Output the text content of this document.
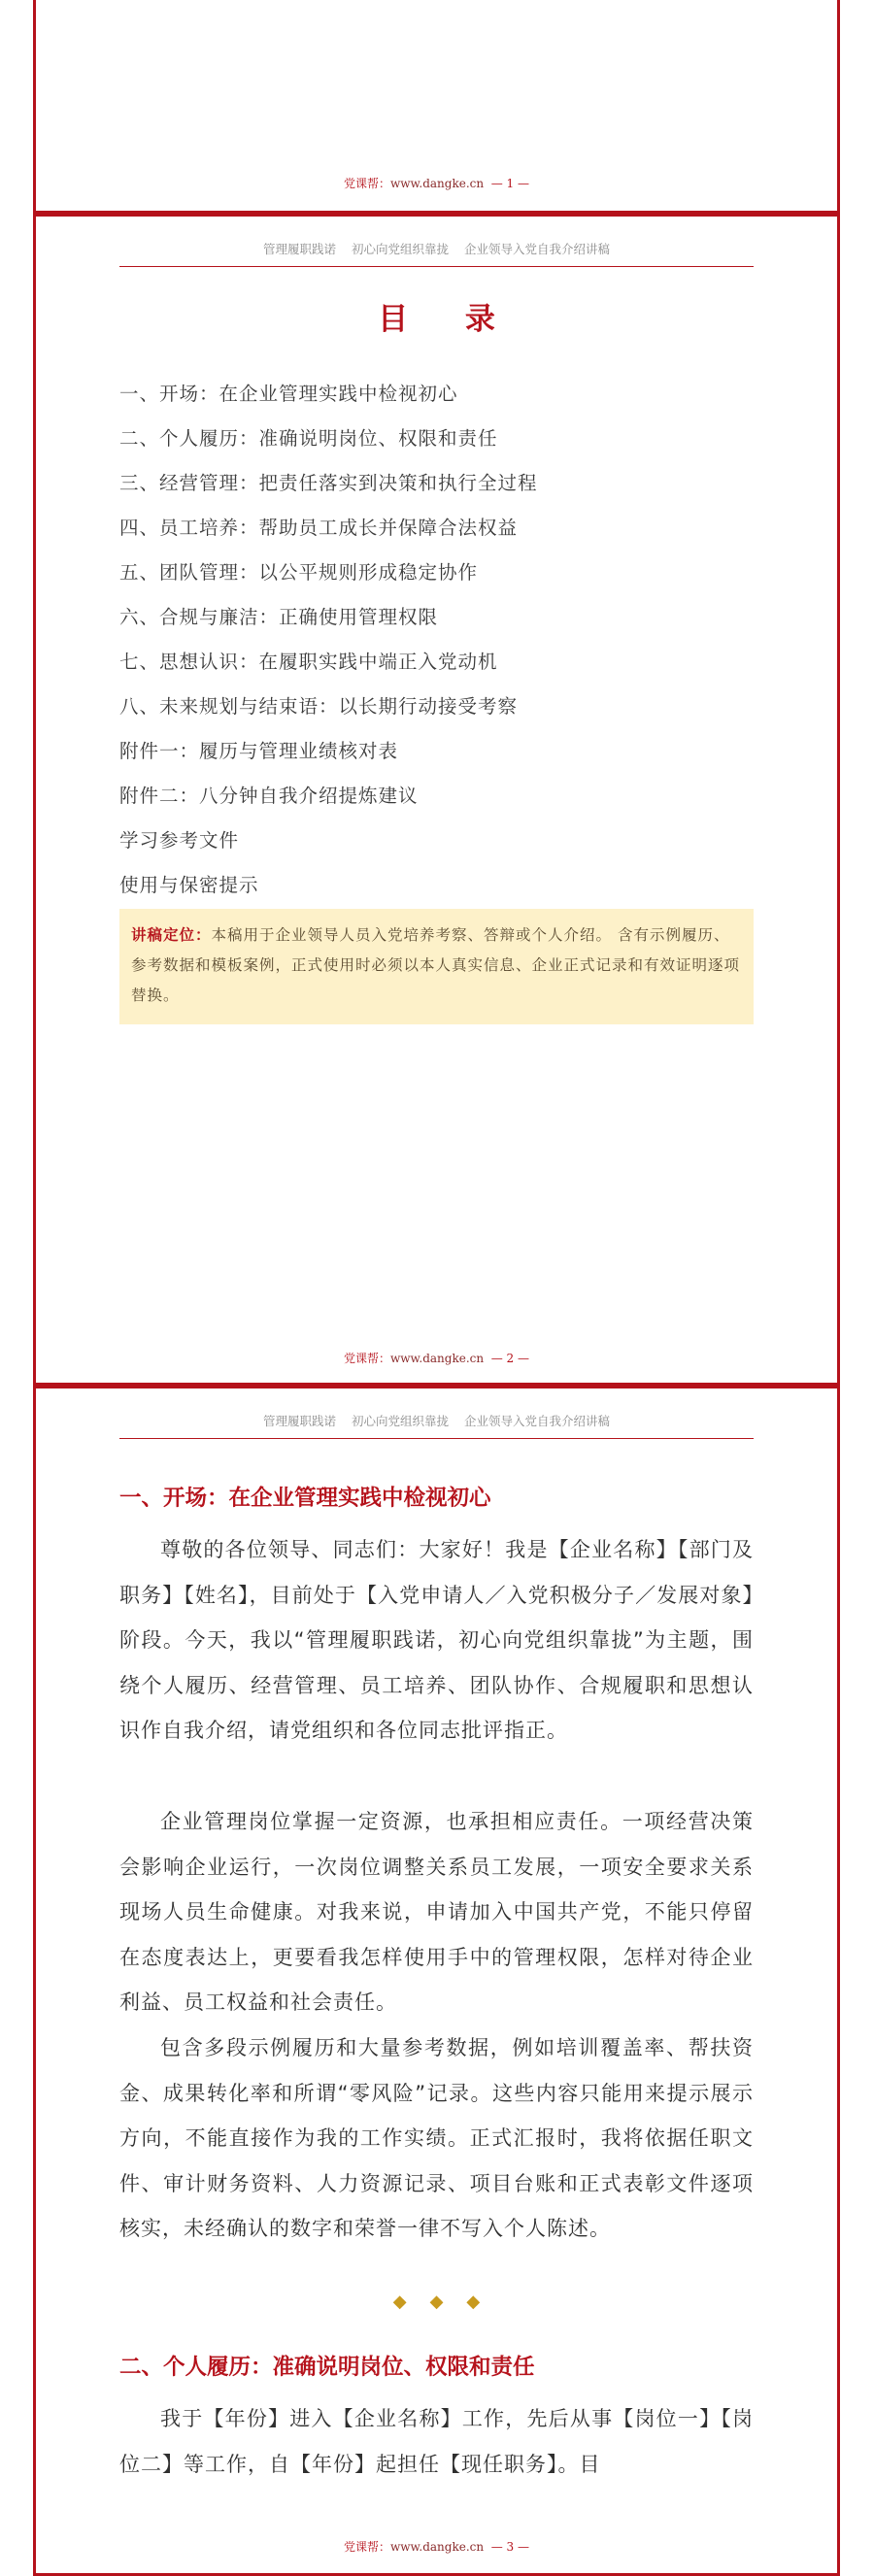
党课帮：www.dangke.cn — 1 —
管理履职践诺 初心向党组织靠拢 企业领导入党自我介绍讲稿
目 录
一、开场：在企业管理实践中检视初心
二、个人履历：准确说明岗位、权限和责任
三、经营管理：把责任落实到决策和执行全过程
四、员工培养：帮助员工成长并保障合法权益
五、团队管理：以公平规则形成稳定协作
六、合规与廉洁：正确使用管理权限
七、思想认识：在履职实践中端正入党动机
八、未来规划与结束语：以长期行动接受考察
附件一：履历与管理业绩核对表
附件二：八分钟自我介绍提炼建议
学习参考文件
使用与保密提示
讲稿定位：本稿用于企业领导人员入党培养考察、答辩或个人介绍。 含有示例履历、参考数据和模板案例，正式使用时必须以本人真实信息、企业正式记录和有效证明逐项替换。
党课帮：www.dangke.cn — 2 —
管理履职践诺 初心向党组织靠拢 企业领导入党自我介绍讲稿
一、开场：在企业管理实践中检视初心

尊敬的各位领导、同志们：大家好！我是【企业名称】【部门及职务】【姓名】，目前处于【入党申请人／入党积极分子／发展对象】阶段。今天，我以“管理履职践诺，初心向党组织靠拢”为主题，围绕个人履历、经营管理、员工培养、团队协作、合规履职和思想认识作自我介绍，请党组织和各位同志批评指正。

企业管理岗位掌握一定资源，也承担相应责任。一项经营决策会影响企业运行，一次岗位调整关系员工发展，一项安全要求关系现场人员生命健康。对我来说，申请加入中国共产党，不能只停留在态度表达上，更要看我怎样使用手中的管理权限，怎样对待企业利益、员工权益和社会责任。

包含多段示例履历和大量参考数据，例如培训覆盖率、帮扶资金、成果转化率和所谓“零风险”记录。这些内容只能用来提示展示方向，不能直接作为我的工作实绩。正式汇报时，我将依据任职文件、审计财务资料、人力资源记录、项目台账和正式表彰文件逐项核实，未经确认的数字和荣誉一律不写入个人陈述。

◆◆◆
二、个人履历：准确说明岗位、权限和责任

我于【年份】进入【企业名称】工作，先后从事【岗位一】【岗位二】等工作，自【年份】起担任【现任职务】。目

党课帮：www.dangke.cn — 3 —
